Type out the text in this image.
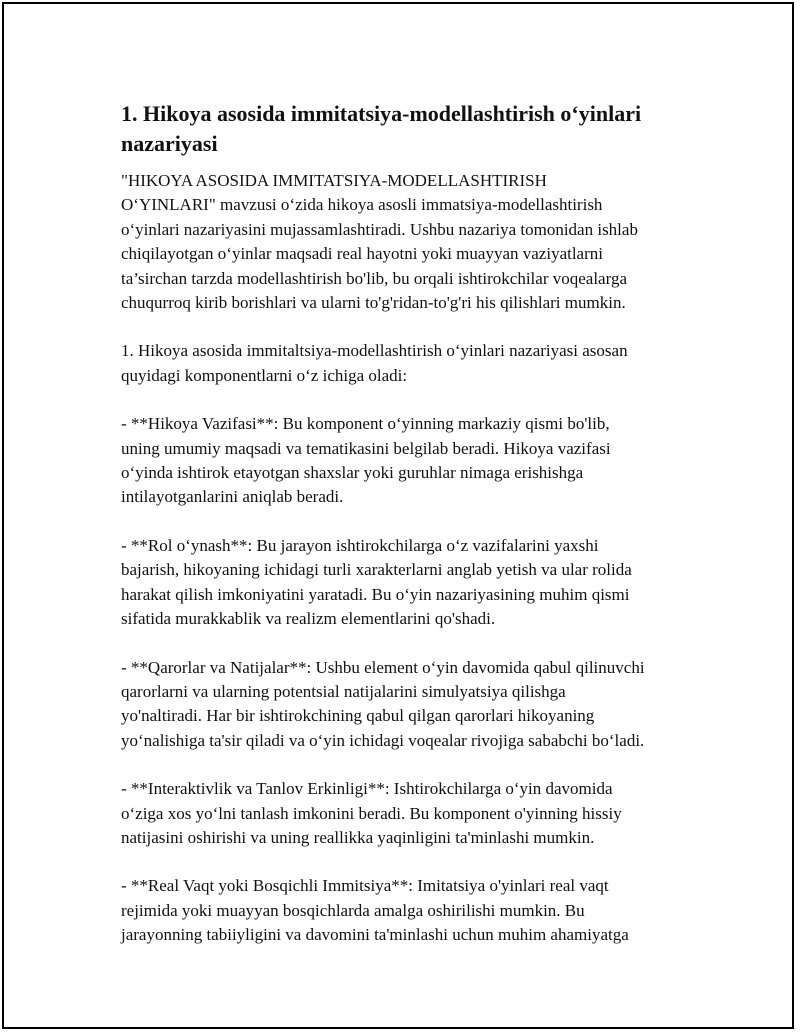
1. Hikoya asosida immitatsiya-modellashtirish o‘yinlari nazariyasi

"HIKOYA ASOSIDA IMMITATSIYA-MODELLASHTIRISH
O‘YINLARI" mavzusi o‘zida hikoya asosli immatsiya-modellashtirish
o‘yinlari nazariyasini mujassamlashtiradi. Ushbu nazariya tomonidan ishlab
chiqilayotgan o‘yinlar maqsadi real hayotni yoki muayyan vaziyatlarni
ta’sirchan tarzda modellashtirish bo'lib, bu orqali ishtirokchilar voqealarga
chuqurroq kirib borishlari va ularni to'g'ridan-to'g'ri his qilishlari mumkin.

1. Hikoya asosida immitaltsiya-modellashtirish o‘yinlari nazariyasi asosan
quyidagi komponentlarni o‘z ichiga oladi:

- **Hikoya Vazifasi**: Bu komponent o‘yinning markaziy qismi bo'lib,
uning umumiy maqsadi va tematikasini belgilab beradi. Hikoya vazifasi
o‘yinda ishtirok etayotgan shaxslar yoki guruhlar nimaga erishishga
intilayotganlarini aniqlab beradi.

- **Rol o‘ynash**: Bu jarayon ishtirokchilarga o‘z vazifalarini yaxshi
bajarish, hikoyaning ichidagi turli xarakterlarni anglab yetish va ular rolida
harakat qilish imkoniyatini yaratadi. Bu o‘yin nazariyasining muhim qismi
sifatida murakkablik va realizm elementlarini qo'shadi.

- **Qarorlar va Natijalar**: Ushbu element o‘yin davomida qabul qilinuvchi
qarorlarni va ularning potentsial natijalarini simulyatsiya qilishga
yo'naltiradi. Har bir ishtirokchining qabul qilgan qarorlari hikoyaning
yo‘nalishiga ta'sir qiladi va o‘yin ichidagi voqealar rivojiga sababchi bo‘ladi.

- **Interaktivlik va Tanlov Erkinligi**: Ishtirokchilarga o‘yin davomida
o‘ziga xos yo‘lni tanlash imkonini beradi. Bu komponent o'yinning hissiy
natijasini oshirishi va uning reallikka yaqinligini ta'minlashi mumkin.

- **Real Vaqt yoki Bosqichli Immitsiya**: Imitatsiya o'yinlari real vaqt
rejimida yoki muayyan bosqichlarda amalga oshirilishi mumkin. Bu
jarayonning tabiiyligini va davomini ta'minlashi uchun muhim ahamiyatga
